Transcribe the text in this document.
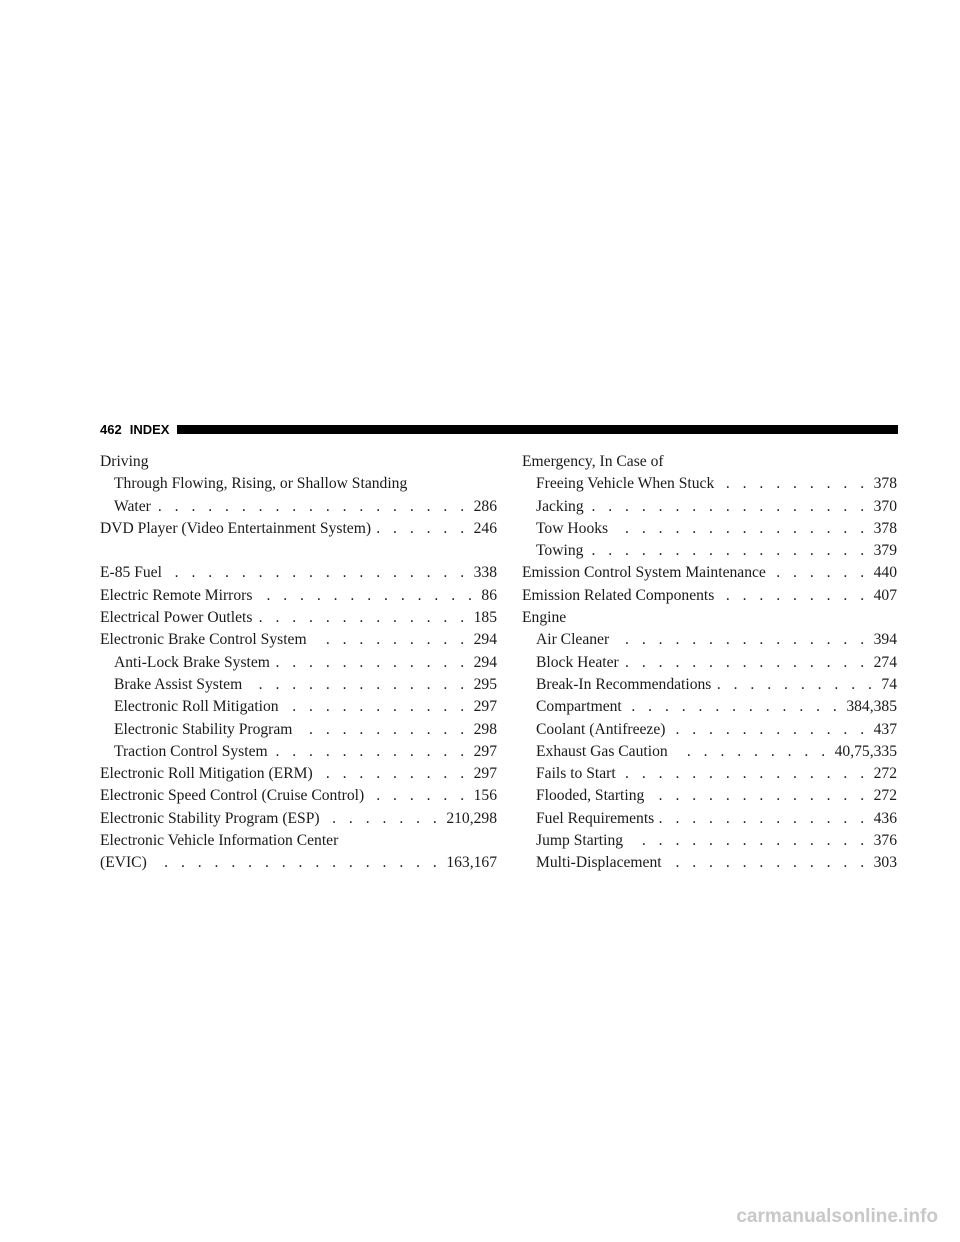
462 INDEX
Driving
Through Flowing, Rising, or Shallow Standing
Water . . .	286
DVD Player (Video Entertainment System) . . .	246
E-85 Fuel . . .	338
Electric Remote Mirrors . . .	86
Electrical Power Outlets . . .	185
Electronic Brake Control System . . .	294
Anti-Lock Brake System . . .	294
Brake Assist System . . .	295
Electronic Roll Mitigation . . .	297
Electronic Stability Program . . .	298
Traction Control System . . .	297
Electronic Roll Mitigation (ERM) . . .	297
Electronic Speed Control (Cruise Control) . . .	156
Electronic Stability Program (ESP) . . .	210,298
Electronic Vehicle Information Center
(EVIC) . . .	163,167
Emergency, In Case of
Freeing Vehicle When Stuck . . .	378
Jacking . . .	370
Tow Hooks . . .	378
Towing . . .	379
Emission Control System Maintenance . . .	440
Emission Related Components . . .	407
Engine
Air Cleaner . . .	394
Block Heater . . .	274
Break-In Recommendations . . .	74
Compartment . . .	384,385
Coolant (Antifreeze) . . .	437
Exhaust Gas Caution . . .	40,75,335
Fails to Start . . .	272
Flooded, Starting . . .	272
Fuel Requirements . . .	436
Jump Starting . . .	376
Multi-Displacement . . .	303
carmanualsonline.info
